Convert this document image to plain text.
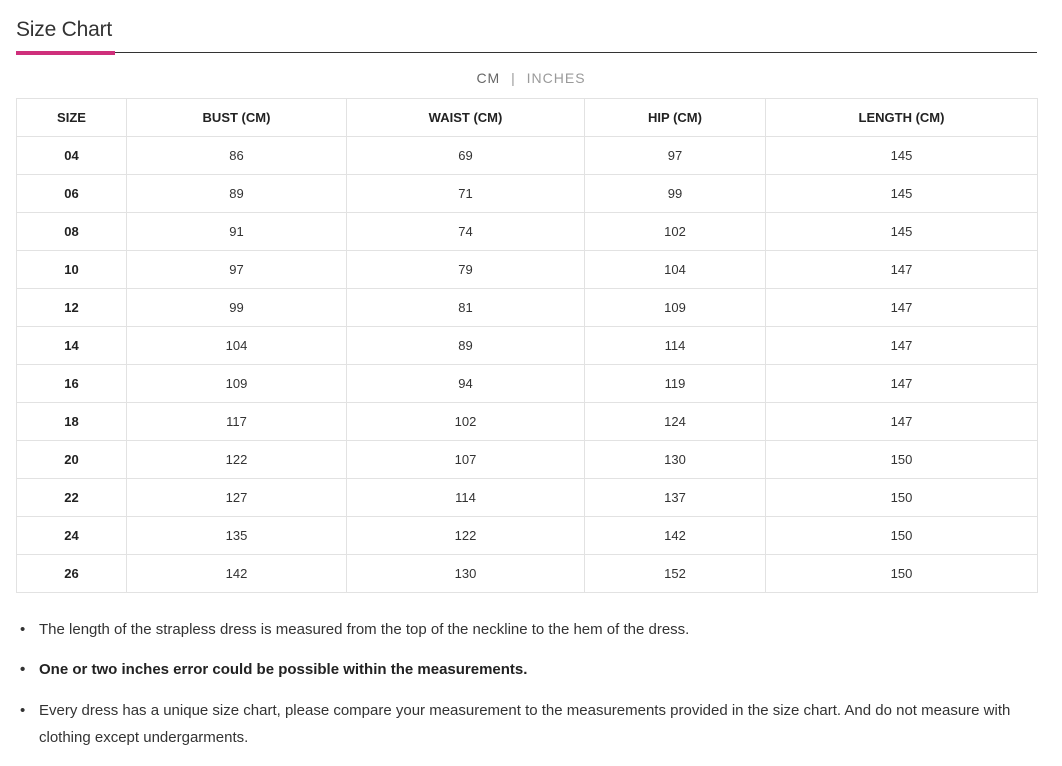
Size Chart
CM | INCHES
SIZE	BUST (CM)	WAIST (CM)	HIP (CM)	LENGTH (CM)
04	86	69	97	145
06	89	71	99	145
08	91	74	102	145
10	97	79	104	147
12	99	81	109	147
14	104	89	114	147
16	109	94	119	147
18	117	102	124	147
20	122	107	130	150
22	127	114	137	150
24	135	122	142	150
26	142	130	152	150
• The length of the strapless dress is measured from the top of the neckline to the hem of the dress.
• One or two inches error could be possible within the measurements.
• Every dress has a unique size chart, please compare your measurement to the measurements provided in the size chart. And do not measure with clothing except undergarments.
